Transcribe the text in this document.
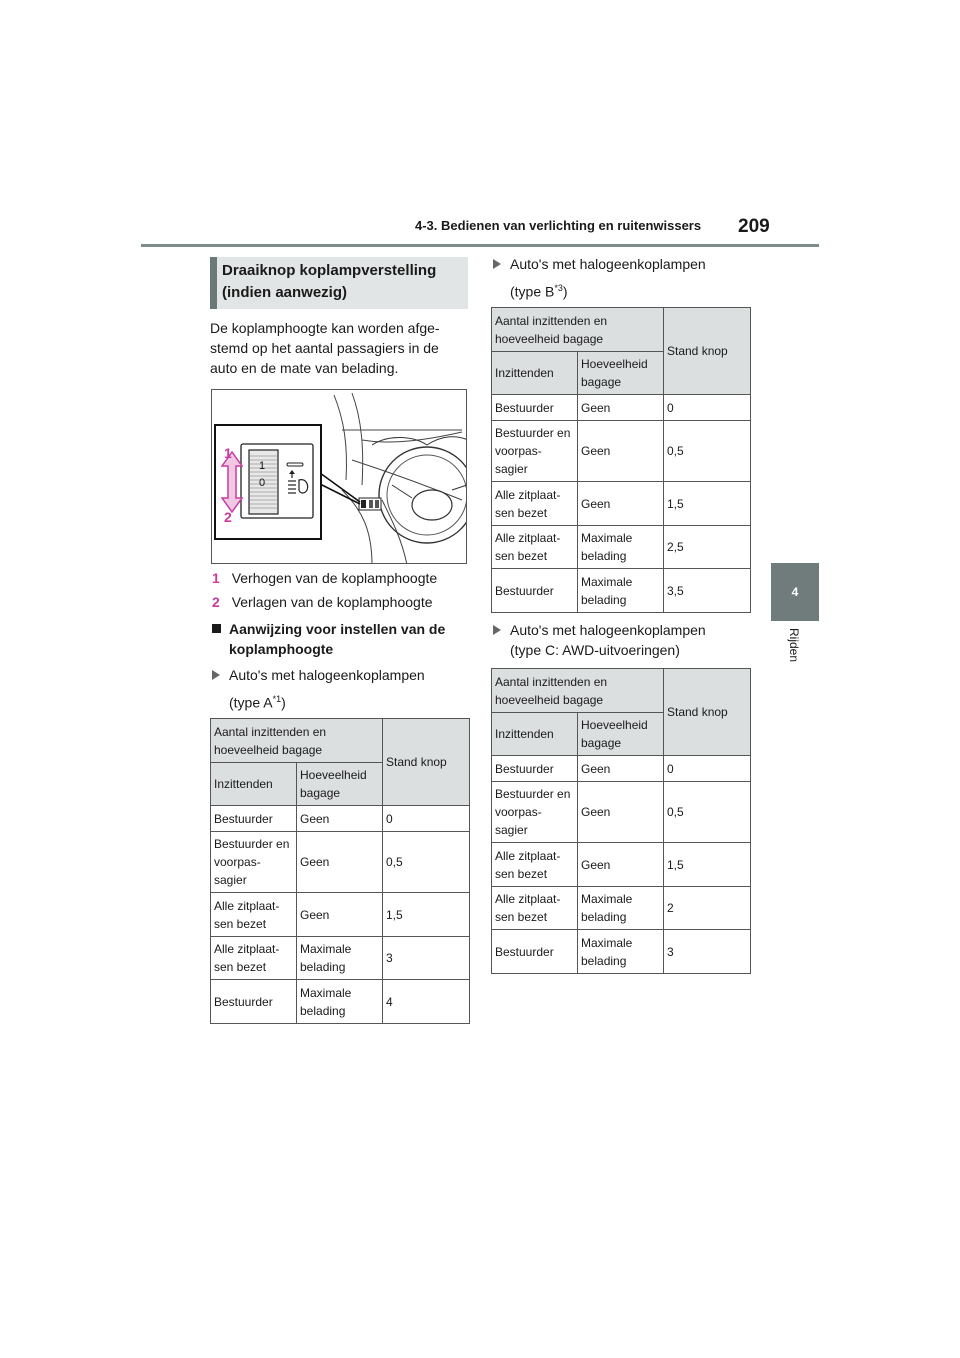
4-3. Bedienen van verlichting en ruitenwissers 209
4
Rijden
Draaiknop koplampverstelling (indien aanwezig)
De koplamphoogte kan worden afge-
stemd op het aantal passagiers in de
auto en de mate van belading.
1
0
1
2
1 Verhogen van de koplamphoogte
2 Verlagen van de koplamphoogte
Aanwijzing voor instellen van de
koplamphoogte
Auto's met halogeenkoplampen
(type $A^{*1}$)
Aantal inzittenden en hoeveelheid bagage		Stand knop
Inzittenden	Hoeveelheid bagage	
Bestuurder	Geen	0
Bestuurder en voorpas-sagier	Geen	0,5
Alle zitplaat-sen bezet	Geen	1,5
Alle zitplaat-sen bezet	Maximale belading	3
Bestuurder	Maximale belading	4
Auto's met halogeenkoplampen
(type $B^{*3}$)
Aantal inzittenden en hoeveelheid bagage		Stand knop
Inzittenden	Hoeveelheid bagage	
Bestuurder	Geen	0
Bestuurder en voorpas-sagier	Geen	0,5
Alle zitplaat-sen bezet	Geen	1,5
Alle zitplaat-sen bezet	Maximale belading	2,5
Bestuurder	Maximale belading	3,5
Auto's met halogeenkoplampen
(type C: AWD-uitvoeringen)
Aantal inzittenden en hoeveelheid bagage		Stand knop
Inzittenden	Hoeveelheid bagage	
Bestuurder	Geen	0
Bestuurder en voorpas-sagier	Geen	0,5
Alle zitplaat-sen bezet	Geen	1,5
Alle zitplaat-sen bezet	Maximale belading	2
Bestuurder	Maximale belading	3
